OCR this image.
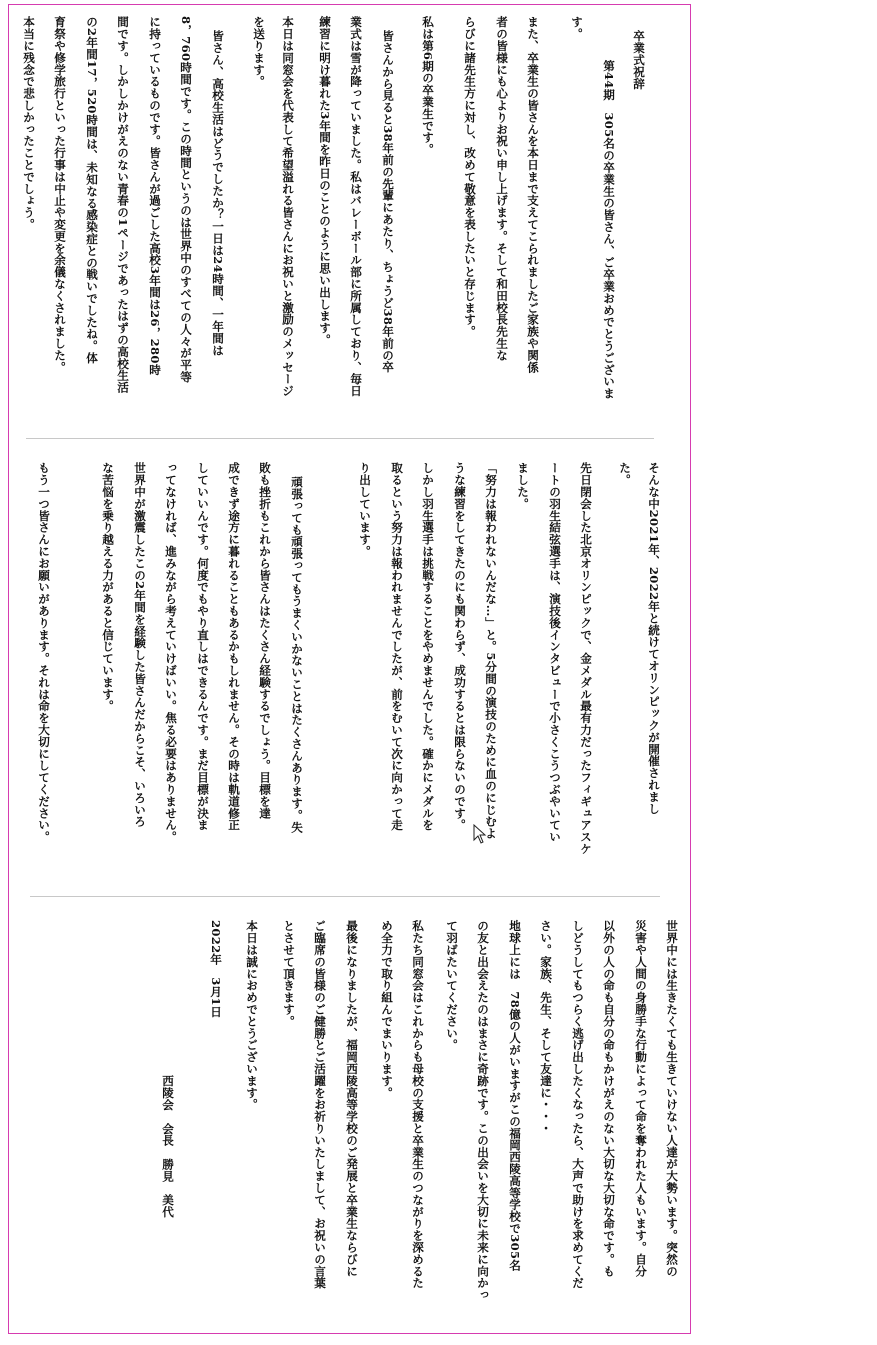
卒業式祝辞
第44期　305名の卒業生の皆さん、ご卒業おめでとうございま
す。
また、卒業生の皆さんを本日まで支えてこられましたご家族や関係
者の皆様にも心よりお祝い申し上げます。そして和田校長先生な
らびに諸先生方に対し、改めて敬意を表したいと存じます。
私は第6期の卒業生です。
皆さんから見ると38年前の先輩にあたり、ちょうど38年前の卒
業式は雪が降っていました。私はバレーボール部に所属しており、毎日
練習に明け暮れた3年間を昨日のことのように思い出します。
本日は同窓会を代表して希望溢れる皆さんにお祝いと激励のメッセージ
を送ります。
皆さん、高校生活はどうでしたか？一日は24時間、一年間は
8，760時間です。この時間というのは世界中のすべての人々が平等
に持っているものです。皆さんが過ごした高校3年間は26，280時
間です。しかしかけがえのない青春の1ページであったはずの高校生活
の2年間17，520時間は、未知なる感染症との戦いでしたね。体
育祭や修学旅行といった行事は中止や変更を余儀なくされました。
本当に残念で悲しかったことでしょう。
そんな中2021年、2022年と続けてオリンピックが開催されまし
た。
先日閉会した北京オリンピックで、金メダル最有力だったフィギュアスケ
ートの羽生結弦選手は、演技後インタビューで小さくこうつぶやいてい
ました。
「努力は報われないんだな…」と。5分間の演技のために血のにじむよ
うな練習をしてきたのにも関わらず、成功するとは限らないのです。
しかし羽生選手は挑戦することをやめませんでした。確かにメダルを
取るという努力は報われませんでしたが、前をむいて次に向かって走
り出しています。
頑張っても頑張ってもうまくいかないことはたくさんあります。失
敗も挫折もこれから皆さんはたくさん経験するでしょう。目標を達
成できず途方に暮れることもあるかもしれません。その時は軌道修正
していいんです。何度でもやり直しはできるんです。まだ目標が決ま
ってなければ、進みながら考えていけばいい。焦る必要はありません。
世界中が激震したこの2年間を経験した皆さんだからこそ、いろいろ
な苦悩を乗り越える力があると信じています。
もう一つ皆さんにお願いがあります。それは命を大切にしてください。
世界中には生きたくても生きていけない人達が大勢います。突然の
災害や人間の身勝手な行動によって命を奪われた人もいます。自分
以外の人の命も自分の命もかけがえのない大切な大切な命です。も
しどうしてもつらく逃げ出したくなったら、大声で助けを求めてくだ
さい。家族、先生、そして友達に・・・
地球上には　78億の人がいますがこの福岡西陵高等学校で305名
の友と出会えたのはまさに奇跡です。この出会いを大切に未来に向かっ
て羽ばたいてください。
私たち同窓会はこれからも母校の支援と卒業生のつながりを深めるた
め全力で取り組んでまいります。
最後になりましたが、福岡西陵高等学校のご発展と卒業生ならびに
ご臨席の皆様のご健勝とご活躍をお祈りいたしまして、お祝いの言葉
とさせて頂きます。
本日は誠におめでとうございます。
2022年　3月1日
西陵会　会長　勝見　美代
